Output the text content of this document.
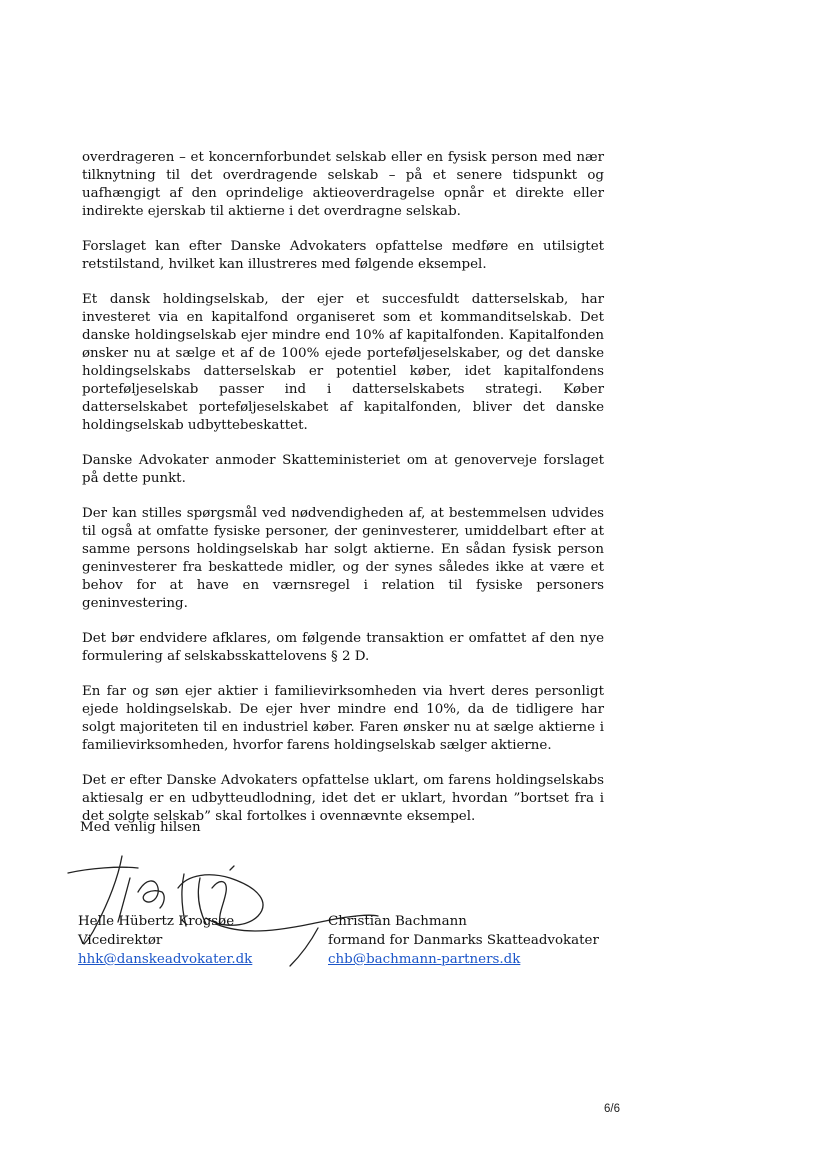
overdrageren – et koncernforbundet selskab eller en fysisk person med nær tilknytning til det overdragende selskab – på et senere tidspunkt og uafhængigt af den oprindelige aktieoverdragelse opnår et direkte eller indirekte ejerskab til aktierne i det overdragne selskab.

Forslaget kan efter Danske Advokaters opfattelse medføre en utilsigtet retstilstand, hvilket kan illustreres med følgende eksempel.

Et dansk holdingselskab, der ejer et succesfuldt datterselskab, har investeret via en kapitalfond organiseret som et kommanditselskab. Det danske holdingselskab ejer mindre end 10% af kapitalfonden. Kapitalfonden ønsker nu at sælge et af de 100% ejede porteføljeselskaber, og det danske holdingselskabs datterselskab er potentiel køber, idet kapitalfondens porteføljeselskab passer ind i datterselskabets strategi. Køber datterselskabet porteføljeselskabet af kapitalfonden, bliver det danske holdingselskab udbyttebeskattet.

Danske Advokater anmoder Skatteministeriet om at genoverveje forslaget på dette punkt.

Der kan stilles spørgsmål ved nødvendigheden af, at bestemmelsen udvides til også at omfatte fysiske personer, der geninvesterer, umiddelbart efter at samme persons holdingselskab har solgt aktierne. En sådan fysisk person geninvesterer fra beskattede midler, og der synes således ikke at være et behov for at have en værnsregel i relation til fysiske personers geninvestering.

Det bør endvidere afklares, om følgende transaktion er omfattet af den nye formulering af selskabsskattelovens § 2 D.

En far og søn ejer aktier i familievirksomheden via hvert deres personligt ejede holdingselskab. De ejer hver mindre end 10%, da de tidligere har solgt majoriteten til en industriel køber. Faren ønsker nu at sælge aktierne i familievirksomheden, hvorfor farens holdingselskab sælger aktierne.

Det er efter Danske Advokaters opfattelse uklart, om farens holdingselskabs aktiesalg er en udbytteudlodning, idet det er uklart, hvordan ”bortset fra i det solgte selskab” skal fortolkes i ovennævnte eksempel.

Med venlig hilsen
Helle Hübertz Krogsøe
Vicedirektør
hhk@danskeadvokater.dk
Christian Bachmann
formand for Danmarks Skatteadvokater
chb@bachmann-partners.dk
6/6
